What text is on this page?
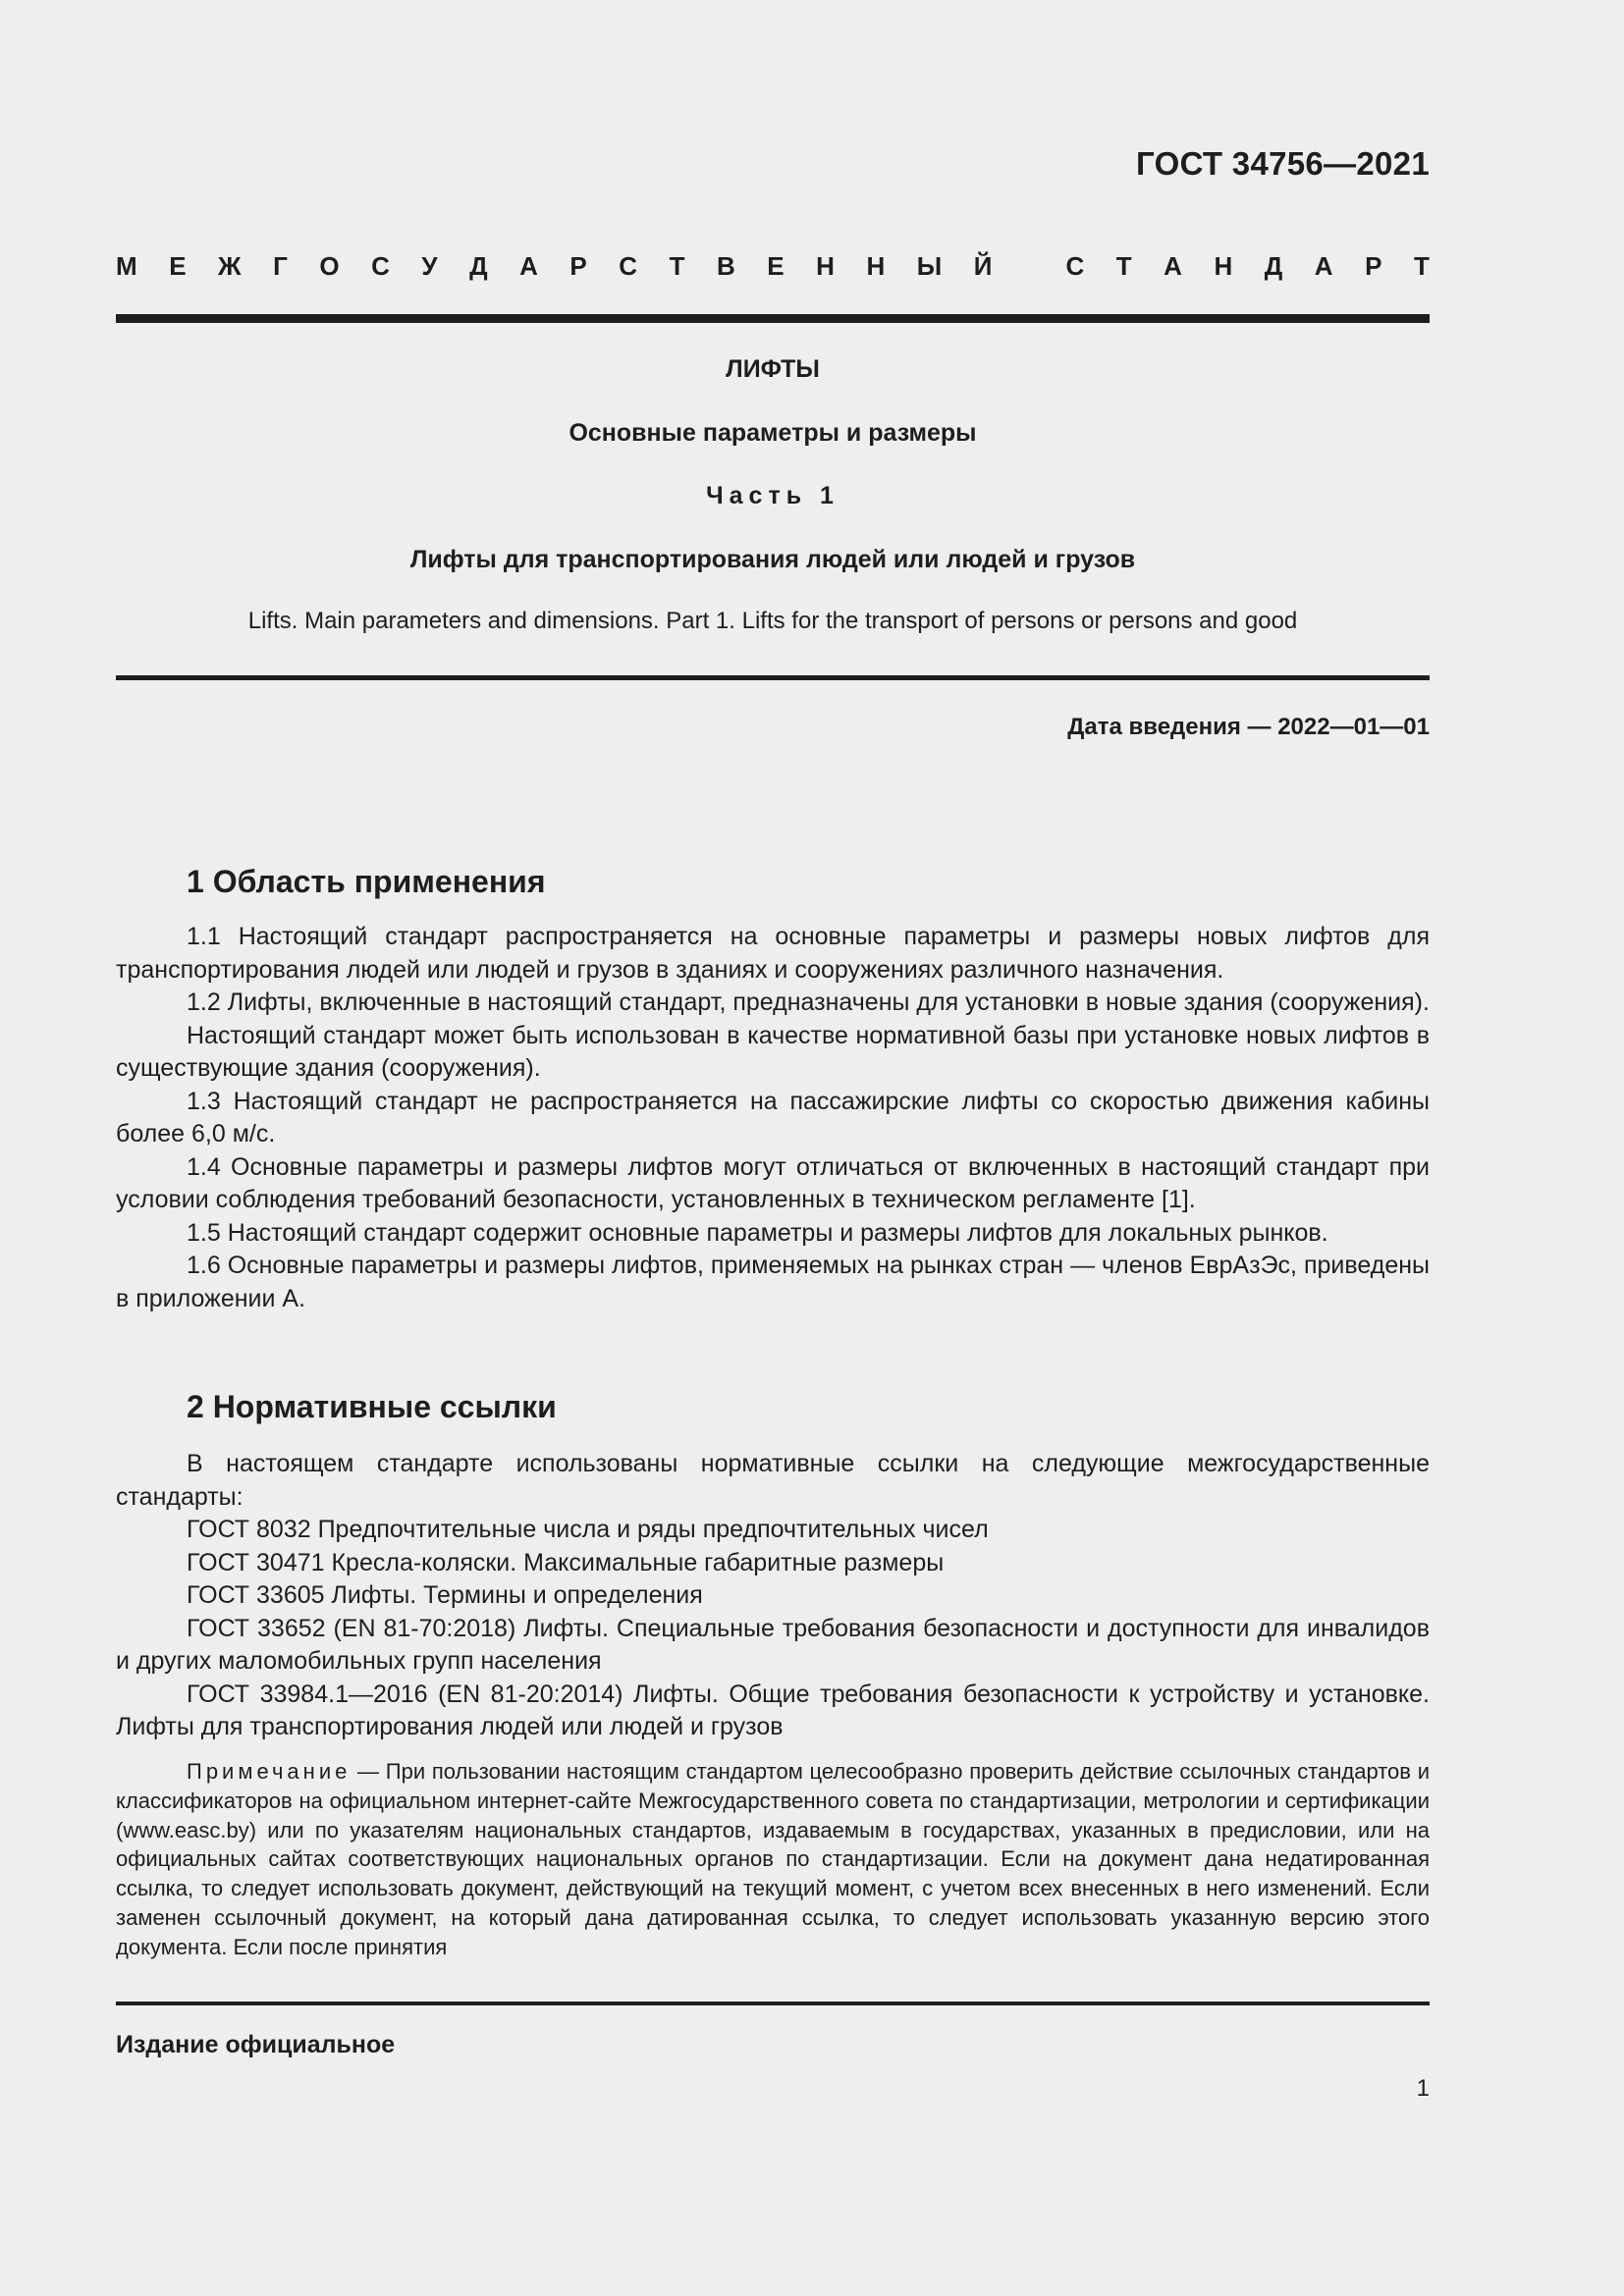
ГОСТ 34756—2021
М Е Ж Г О С У Д А Р С Т В Е Н Н Ы Й	С Т А Н Д А Р Т
ЛИФТЫ
Основные параметры и размеры
Часть 1
Лифты для транспортирования людей или людей и грузов
Lifts. Main parameters and dimensions. Part 1. Lifts for the transport of persons or persons and good
Дата введения — 2022—01—01
1 Область применения

1.1 Настоящий стандарт распространяется на основные параметры и размеры новых лифтов для транспортирования людей или людей и грузов в зданиях и сооружениях различного назначения.

1.2 Лифты, включенные в настоящий стандарт, предназначены для установки в новые здания (сооружения).

Настоящий стандарт может быть использован в качестве нормативной базы при установке новых лифтов в существующие здания (сооружения).

1.3 Настоящий стандарт не распространяется на пассажирские лифты со скоростью движения кабины более 6,0 м/с.

1.4 Основные параметры и размеры лифтов могут отличаться от включенных в настоящий стандарт при условии соблюдения требований безопасности, установленных в техническом регламенте [1].

1.5 Настоящий стандарт содержит основные параметры и размеры лифтов для локальных рынков.

1.6 Основные параметры и размеры лифтов, применяемых на рынках стран — членов ЕврАзЭс, приведены в приложении А.

2 Нормативные ссылки

В настоящем стандарте использованы нормативные ссылки на следующие межгосударственные стандарты:

ГОСТ 8032 Предпочтительные числа и ряды предпочтительных чисел

ГОСТ 30471 Кресла-коляски. Максимальные габаритные размеры

ГОСТ 33605 Лифты. Термины и определения

ГОСТ 33652 (EN 81-70:2018) Лифты. Специальные требования безопасности и доступности для инвалидов и других маломобильных групп населения

ГОСТ 33984.1—2016 (EN 81-20:2014) Лифты. Общие требования безопасности к устройству и установке. Лифты для транспортирования людей или людей и грузов

Примечание — При пользовании настоящим стандартом целесообразно проверить действие ссылочных стандартов и классификаторов на официальном интернет-сайте Межгосударственного совета по стандартизации, метрологии и сертификации (www.easc.by) или по указателям национальных стандартов, издаваемым в государствах, указанных в предисловии, или на официальных сайтах соответствующих национальных органов по стандартизации. Если на документ дана недатированная ссылка, то следует использовать документ, действующий на текущий момент, с учетом всех внесенных в него изменений. Если заменен ссылочный документ, на который дана датированная ссылка, то следует использовать указанную версию этого документа. Если после принятия

Издание официальное
1
